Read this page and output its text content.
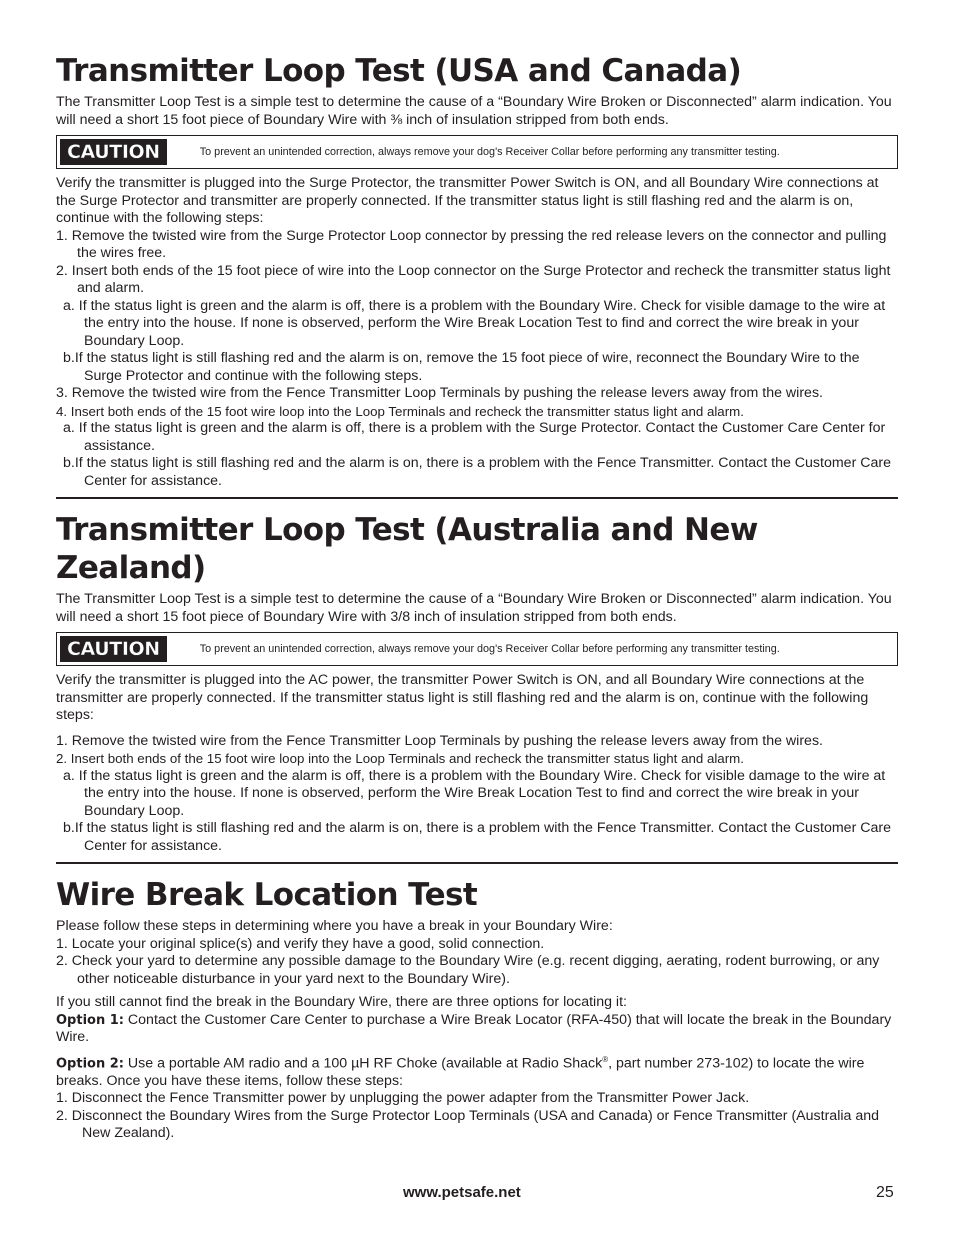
Transmitter Loop Test (USA and Canada)

The Transmitter Loop Test is a simple test to determine the cause of a “Boundary Wire Broken or Disconnected” alarm indication. You will need a short 15 foot piece of Boundary Wire with ⅜ inch of insulation stripped from both ends.

CAUTION	To prevent an unintended correction, always remove your dog's Receiver Collar before performing any transmitter testing.

Verify the transmitter is plugged into the Surge Protector, the transmitter Power Switch is ON, and all Boundary Wire connections at the Surge Protector and transmitter are properly connected. If the transmitter status light is still flashing red and the alarm is on, continue with the following steps:

1. Remove the twisted wire from the Surge Protector Loop connector by pressing the red release levers on the connector and pulling the wires free.
2. Insert both ends of the 15 foot piece of wire into the Loop connector on the Surge Protector and recheck the transmitter status light and alarm.
a. If the status light is green and the alarm is off, there is a problem with the Boundary Wire. Check for visible damage to the wire at the entry into the house. If none is observed, perform the Wire Break Location Test to find and correct the wire break in your Boundary Loop.
b.If the status light is still flashing red and the alarm is on, remove the 15 foot piece of wire, reconnect the Boundary Wire to the Surge Protector and continue with the following steps.
3. Remove the twisted wire from the Fence Transmitter Loop Terminals by pushing the release levers away from the wires.
4. Insert both ends of the 15 foot wire loop into the Loop Terminals and recheck the transmitter status light and alarm.
a. If the status light is green and the alarm is off, there is a problem with the Surge Protector. Contact the Customer Care Center for assistance.
b.If the status light is still flashing red and the alarm is on, there is a problem with the Fence Transmitter. Contact the Customer Care Center for assistance.
Transmitter Loop Test (Australia and New Zealand)

The Transmitter Loop Test is a simple test to determine the cause of a “Boundary Wire Broken or Disconnected” alarm indication. You will need a short 15 foot piece of Boundary Wire with 3/8 inch of insulation stripped from both ends.

CAUTION	To prevent an unintended correction, always remove your dog's Receiver Collar before performing any transmitter testing.

Verify the transmitter is plugged into the AC power, the transmitter Power Switch is ON, and all Boundary Wire connections at the transmitter are properly connected. If the transmitter status light is still flashing red and the alarm is on, continue with the following steps:

1. Remove the twisted wire from the Fence Transmitter Loop Terminals by pushing the release levers away from the wires.
2. Insert both ends of the 15 foot wire loop into the Loop Terminals and recheck the transmitter status light and alarm.
a. If the status light is green and the alarm is off, there is a problem with the Boundary Wire. Check for visible damage to the wire at the entry into the house. If none is observed, perform the Wire Break Location Test to find and correct the wire break in your Boundary Loop.
b.If the status light is still flashing red and the alarm is on, there is a problem with the Fence Transmitter. Contact the Customer Care Center for assistance.
Wire Break Location Test

Please follow these steps in determining where you have a break in your Boundary Wire:

1. Locate your original splice(s) and verify they have a good, solid connection.
2. Check your yard to determine any possible damage to the Boundary Wire (e.g. recent digging, aerating, rodent burrowing, or any other noticeable disturbance in your yard next to the Boundary Wire).

If you still cannot find the break in the Boundary Wire, there are three options for locating it:

Option 1: Contact the Customer Care Center to purchase a Wire Break Locator (RFA-450) that will locate the break in the Boundary Wire.

Option 2: Use a portable AM radio and a 100 µH RF Choke (available at Radio Shack®, part number 273-102) to locate the wire breaks. Once you have these items, follow these steps:

1. Disconnect the Fence Transmitter power by unplugging the power adapter from the Transmitter Power Jack.
2. Disconnect the Boundary Wires from the Surge Protector Loop Terminals (USA and Canada) or Fence Transmitter (Australia and New Zealand).
www.petsafe.net	25
